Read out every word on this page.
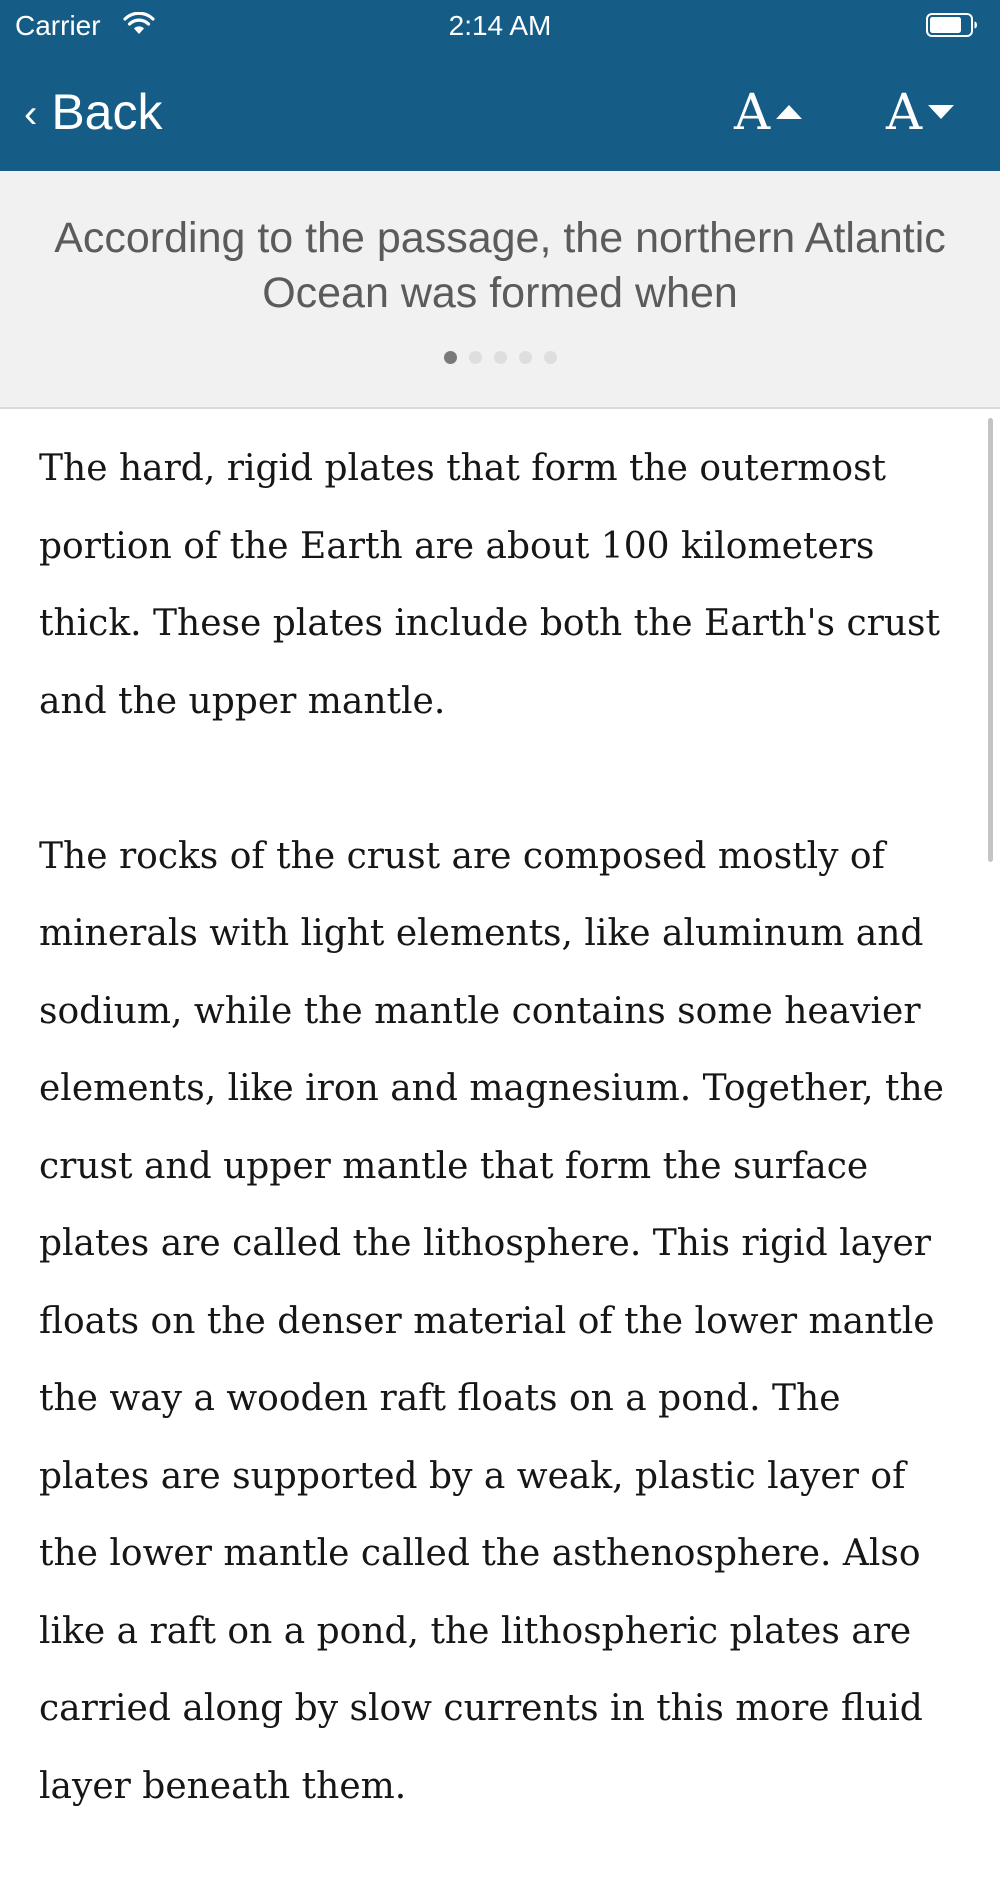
Carrier	2:14 AM
‹ Back	A A
According to the passage, the northern Atlantic Ocean was formed when

The hard, rigid plates that form the outermost portion of the Earth are about 100 kilometers thick. These plates include both the Earth's crust and the upper mantle.

The rocks of the crust are composed mostly of minerals with light elements, like aluminum and sodium, while the mantle contains some heavier elements, like iron and magnesium. Together, the crust and upper mantle that form the surface plates are called the lithosphere. This rigid layer floats on the denser material of the lower mantle the way a wooden raft floats on a pond. The plates are supported by a weak, plastic layer of the lower mantle called the asthenosphere. Also like a raft on a pond, the lithospheric plates are carried along by slow currents in this more fluid layer beneath them.
